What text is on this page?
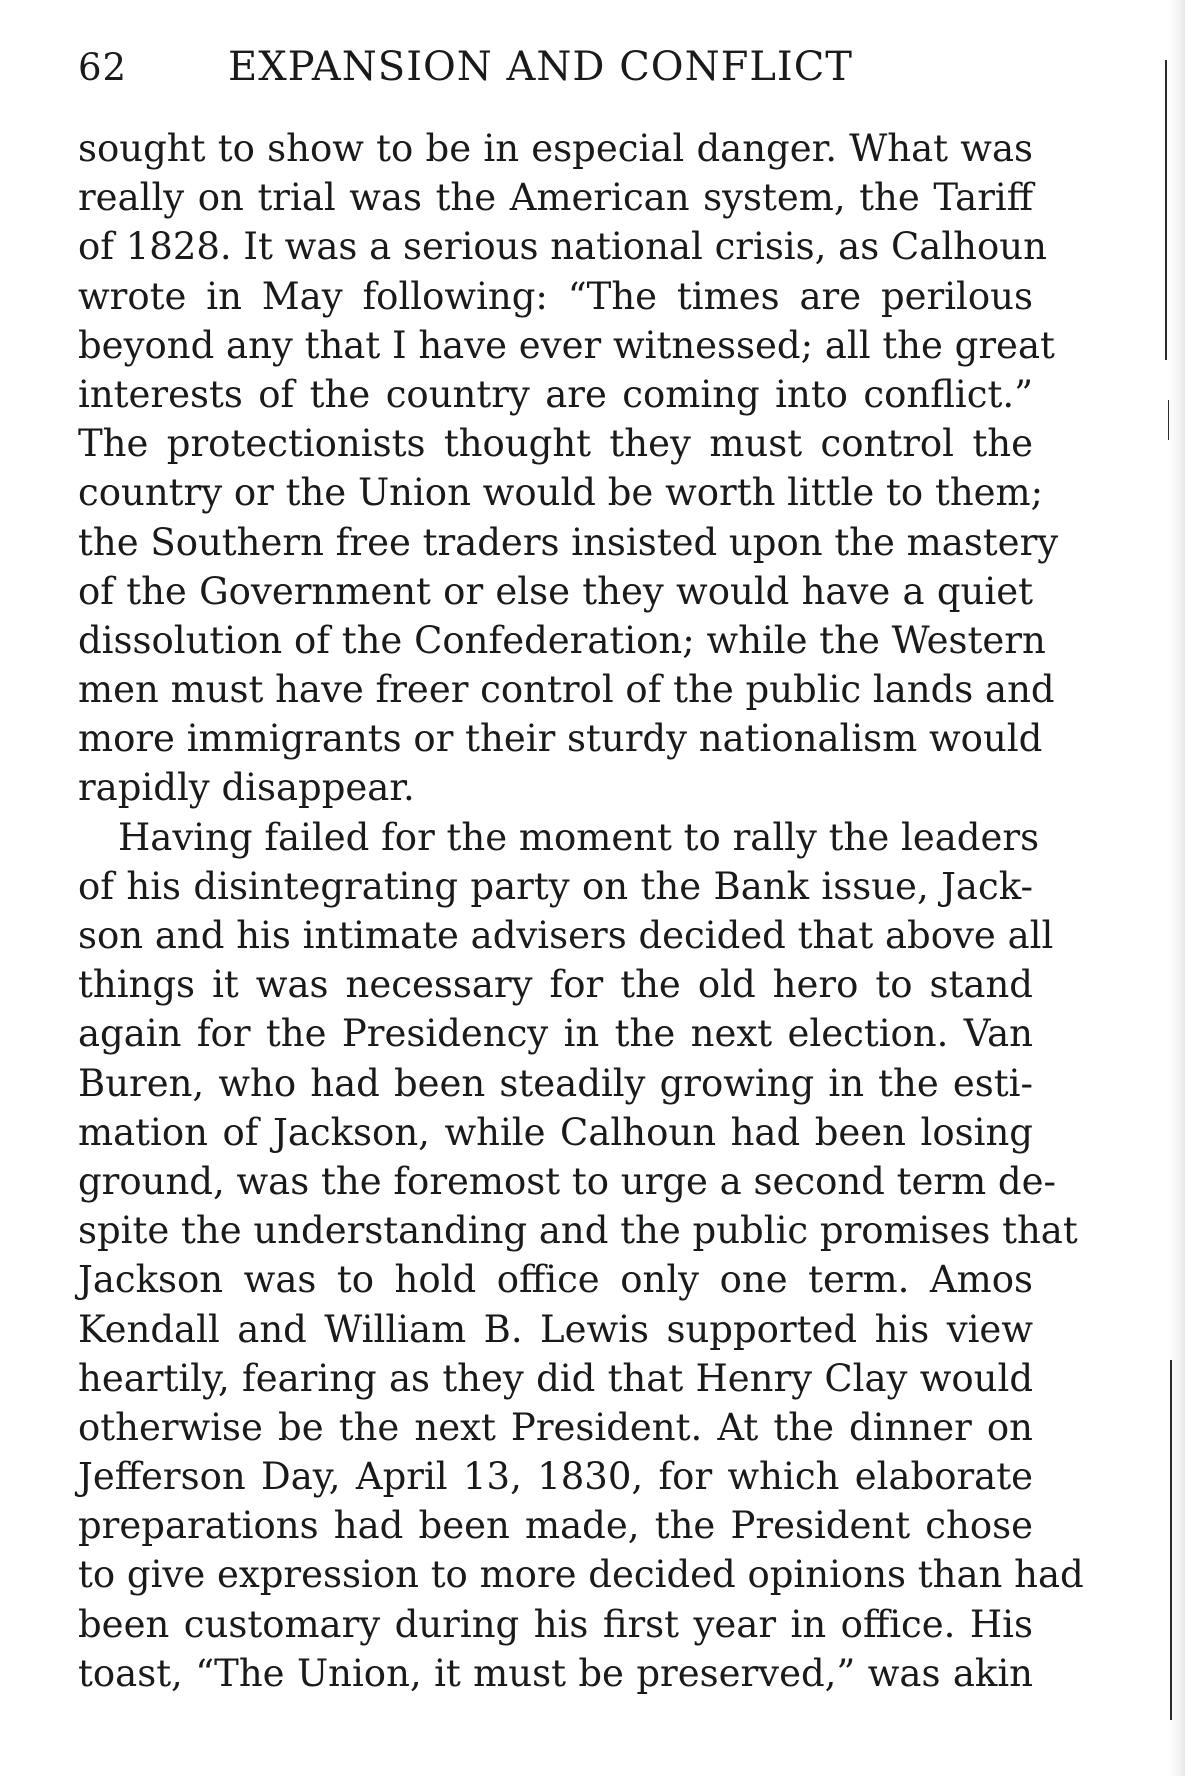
62	EXPANSION AND CONFLICT
sought to show to be in especial danger. What was
really on trial was the American system, the Tariff
of 1828. It was a serious national crisis, as Calhoun
wrote in May following: “The times are perilous
beyond any that I have ever witnessed; all the great
interests of the country are coming into conflict.”
The protectionists thought they must control the
country or the Union would be worth little to them;
the Southern free traders insisted upon the mastery
of the Government or else they would have a quiet
dissolution of the Confederation; while the Western
men must have freer control of the public lands and
more immigrants or their sturdy nationalism would
rapidly disappear.
Having failed for the moment to rally the leaders
of his disintegrating party on the Bank issue, Jack-
son and his intimate advisers decided that above all
things it was necessary for the old hero to stand
again for the Presidency in the next election. Van
Buren, who had been steadily growing in the esti-
mation of Jackson, while Calhoun had been losing
ground, was the foremost to urge a second term de-
spite the understanding and the public promises that
Jackson was to hold office only one term. Amos
Kendall and William B. Lewis supported his view
heartily, fearing as they did that Henry Clay would
otherwise be the next President. At the dinner on
Jefferson Day, April 13, 1830, for which elaborate
preparations had been made, the President chose
to give expression to more decided opinions than had
been customary during his first year in office. His
toast, “The Union, it must be preserved,” was akin
